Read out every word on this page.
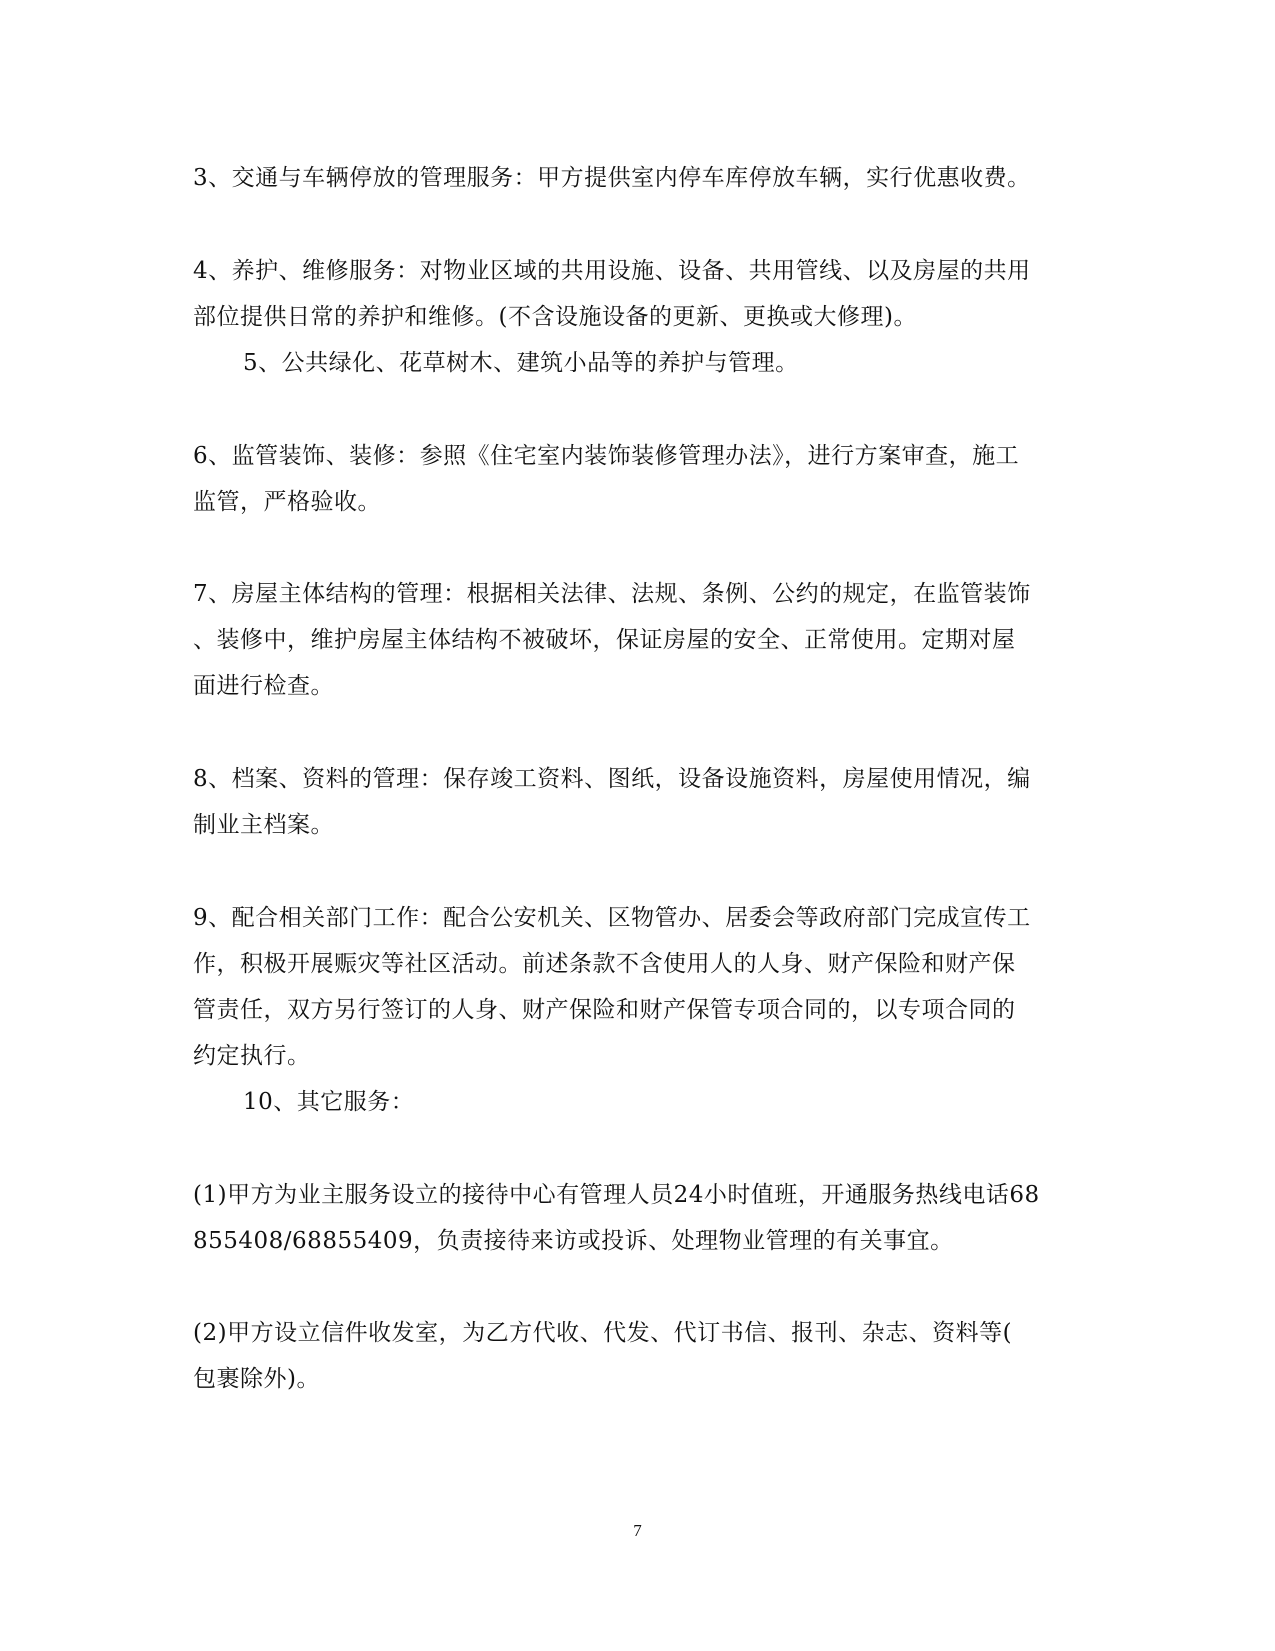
3、交通与车辆停放的管理服务：甲方提供室内停车库停放车辆，实行优惠收费。
4、养护、维修服务：对物业区域的共用设施、设备、共用管线、以及房屋的共用
部位提供日常的养护和维修。(不含设施设备的更新、更换或大修理)。
5、公共绿化、花草树木、建筑小品等的养护与管理。
6、监管装饰、装修：参照《住宅室内装饰装修管理办法》，进行方案审查，施工
监管，严格验收。
7、房屋主体结构的管理：根据相关法律、法规、条例、公约的规定，在监管装饰
、装修中，维护房屋主体结构不被破坏，保证房屋的安全、正常使用。定期对屋
面进行检查。
8、档案、资料的管理：保存竣工资料、图纸，设备设施资料，房屋使用情况，编
制业主档案。
9、配合相关部门工作：配合公安机关、区物管办、居委会等政府部门完成宣传工
作，积极开展赈灾等社区活动。前述条款不含使用人的人身、财产保险和财产保
管责任，双方另行签订的人身、财产保险和财产保管专项合同的，以专项合同的
约定执行。
10、其它服务：
(1)甲方为业主服务设立的接待中心有管理人员24小时值班，开通服务热线电话68
855408/68855409，负责接待来访或投诉、处理物业管理的有关事宜。
(2)甲方设立信件收发室，为乙方代收、代发、代订书信、报刊、杂志、资料等(
包裹除外)。
7
